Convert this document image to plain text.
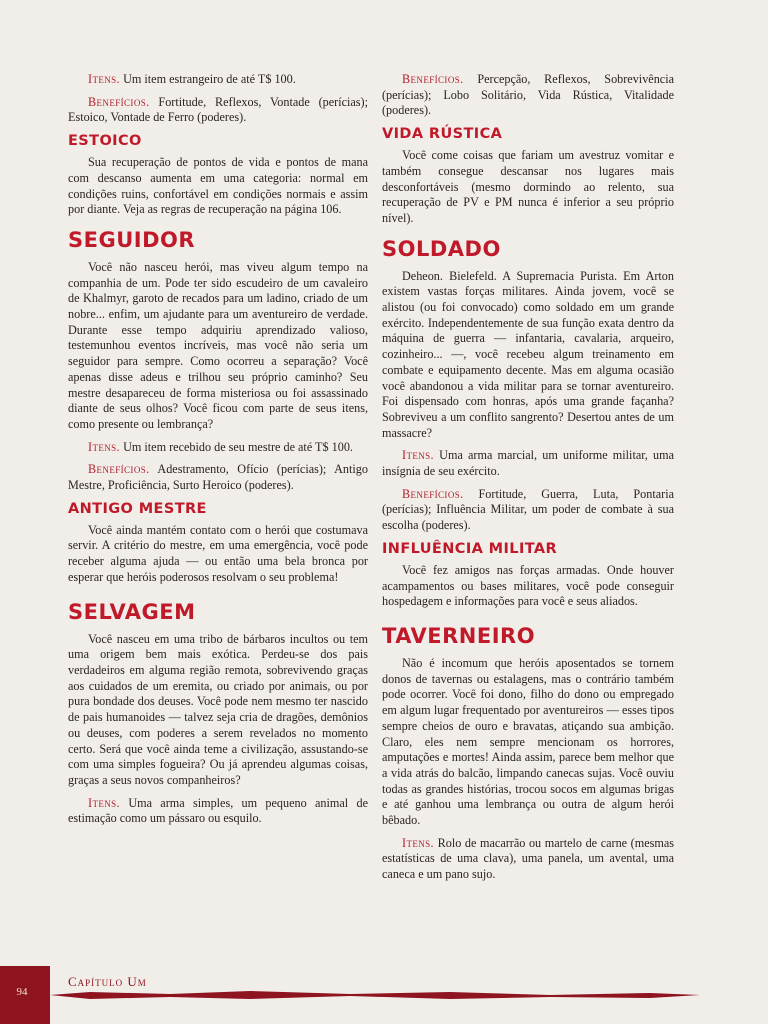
Itens. Um item estrangeiro de até T$ 100.

Benefícios. Fortitude, Reflexos, Vontade (perícias); Estoico, Vontade de Ferro (poderes).

ESTOICO

Sua recuperação de pontos de vida e pontos de mana com descanso aumenta em uma categoria: normal em condições ruins, confortável em condições normais e assim por diante. Veja as regras de recuperação na página 106.

SEGUIDOR

Você não nasceu herói, mas viveu algum tempo na companhia de um. Pode ter sido escudeiro de um cavaleiro de Khalmyr, garoto de recados para um ladino, criado de um nobre... enfim, um ajudante para um aventureiro de verdade. Durante esse tempo adquiriu aprendizado valioso, testemunhou eventos incríveis, mas você não seria um seguidor para sempre. Como ocorreu a separação? Você apenas disse adeus e trilhou seu próprio caminho? Seu mestre desapareceu de forma misteriosa ou foi assassinado diante de seus olhos? Você ficou com parte de seus itens, como presente ou lembrança?

Itens. Um item recebido de seu mestre de até T$ 100.

Benefícios. Adestramento, Ofício (perícias); Antigo Mestre, Proficiência, Surto Heroico (poderes).

ANTIGO MESTRE

Você ainda mantém contato com o herói que costumava servir. A critério do mestre, em uma emergência, você pode receber alguma ajuda — ou então uma bela bronca por esperar que heróis poderosos resolvam o seu problema!

SELVAGEM

Você nasceu em uma tribo de bárbaros incultos ou tem uma origem bem mais exótica. Perdeu-se dos pais verdadeiros em alguma região remota, sobrevivendo graças aos cuidados de um eremita, ou criado por animais, ou por pura bondade dos deuses. Você pode nem mesmo ter nascido de pais humanoides — talvez seja cria de dragões, demônios ou deuses, com poderes a serem revelados no momento certo. Será que você ainda teme a civilização, assustando-se com uma simples fogueira? Ou já aprendeu algumas coisas, graças a seus novos companheiros?

Itens. Uma arma simples, um pequeno animal de estimação como um pássaro ou esquilo.

Benefícios. Percepção, Reflexos, Sobrevivência (perícias); Lobo Solitário, Vida Rústica, Vitalidade (poderes).

VIDA RÚSTICA

Você come coisas que fariam um avestruz vomitar e também consegue descansar nos lugares mais desconfortáveis (mesmo dormindo ao relento, sua recuperação de PV e PM nunca é inferior a seu próprio nível).

SOLDADO

Deheon. Bielefeld. A Supremacia Purista. Em Arton existem vastas forças militares. Ainda jovem, você se alistou (ou foi convocado) como soldado em um grande exército. Independentemente de sua função exata dentro da máquina de guerra — infantaria, cavalaria, arqueiro, cozinheiro... —, você recebeu algum treinamento em combate e equipamento decente. Mas em alguma ocasião você abandonou a vida militar para se tornar aventureiro. Foi dispensado com honras, após uma grande façanha? Sobreviveu a um conflito sangrento? Desertou antes de um massacre?

Itens. Uma arma marcial, um uniforme militar, uma insígnia de seu exército.

Benefícios. Fortitude, Guerra, Luta, Pontaria (perícias); Influência Militar, um poder de combate à sua escolha (poderes).

INFLUÊNCIA MILITAR

Você fez amigos nas forças armadas. Onde houver acampamentos ou bases militares, você pode conseguir hospedagem e informações para você e seus aliados.

TAVERNEIRO

Não é incomum que heróis aposentados se tornem donos de tavernas ou estalagens, mas o contrário também pode ocorrer. Você foi dono, filho do dono ou empregado em algum lugar frequentado por aventureiros — esses tipos sempre cheios de ouro e bravatas, atiçando sua ambição. Claro, eles nem sempre mencionam os horrores, amputações e mortes! Ainda assim, parece bem melhor que a vida atrás do balcão, limpando canecas sujas. Você ouviu todas as grandes histórias, trocou socos em algumas brigas e até ganhou uma lembrança ou outra de algum herói bêbado.

Itens. Rolo de macarrão ou martelo de carne (mesmas estatísticas de uma clava), uma panela, um avental, uma caneca e um pano sujo.

94
Capítulo Um
